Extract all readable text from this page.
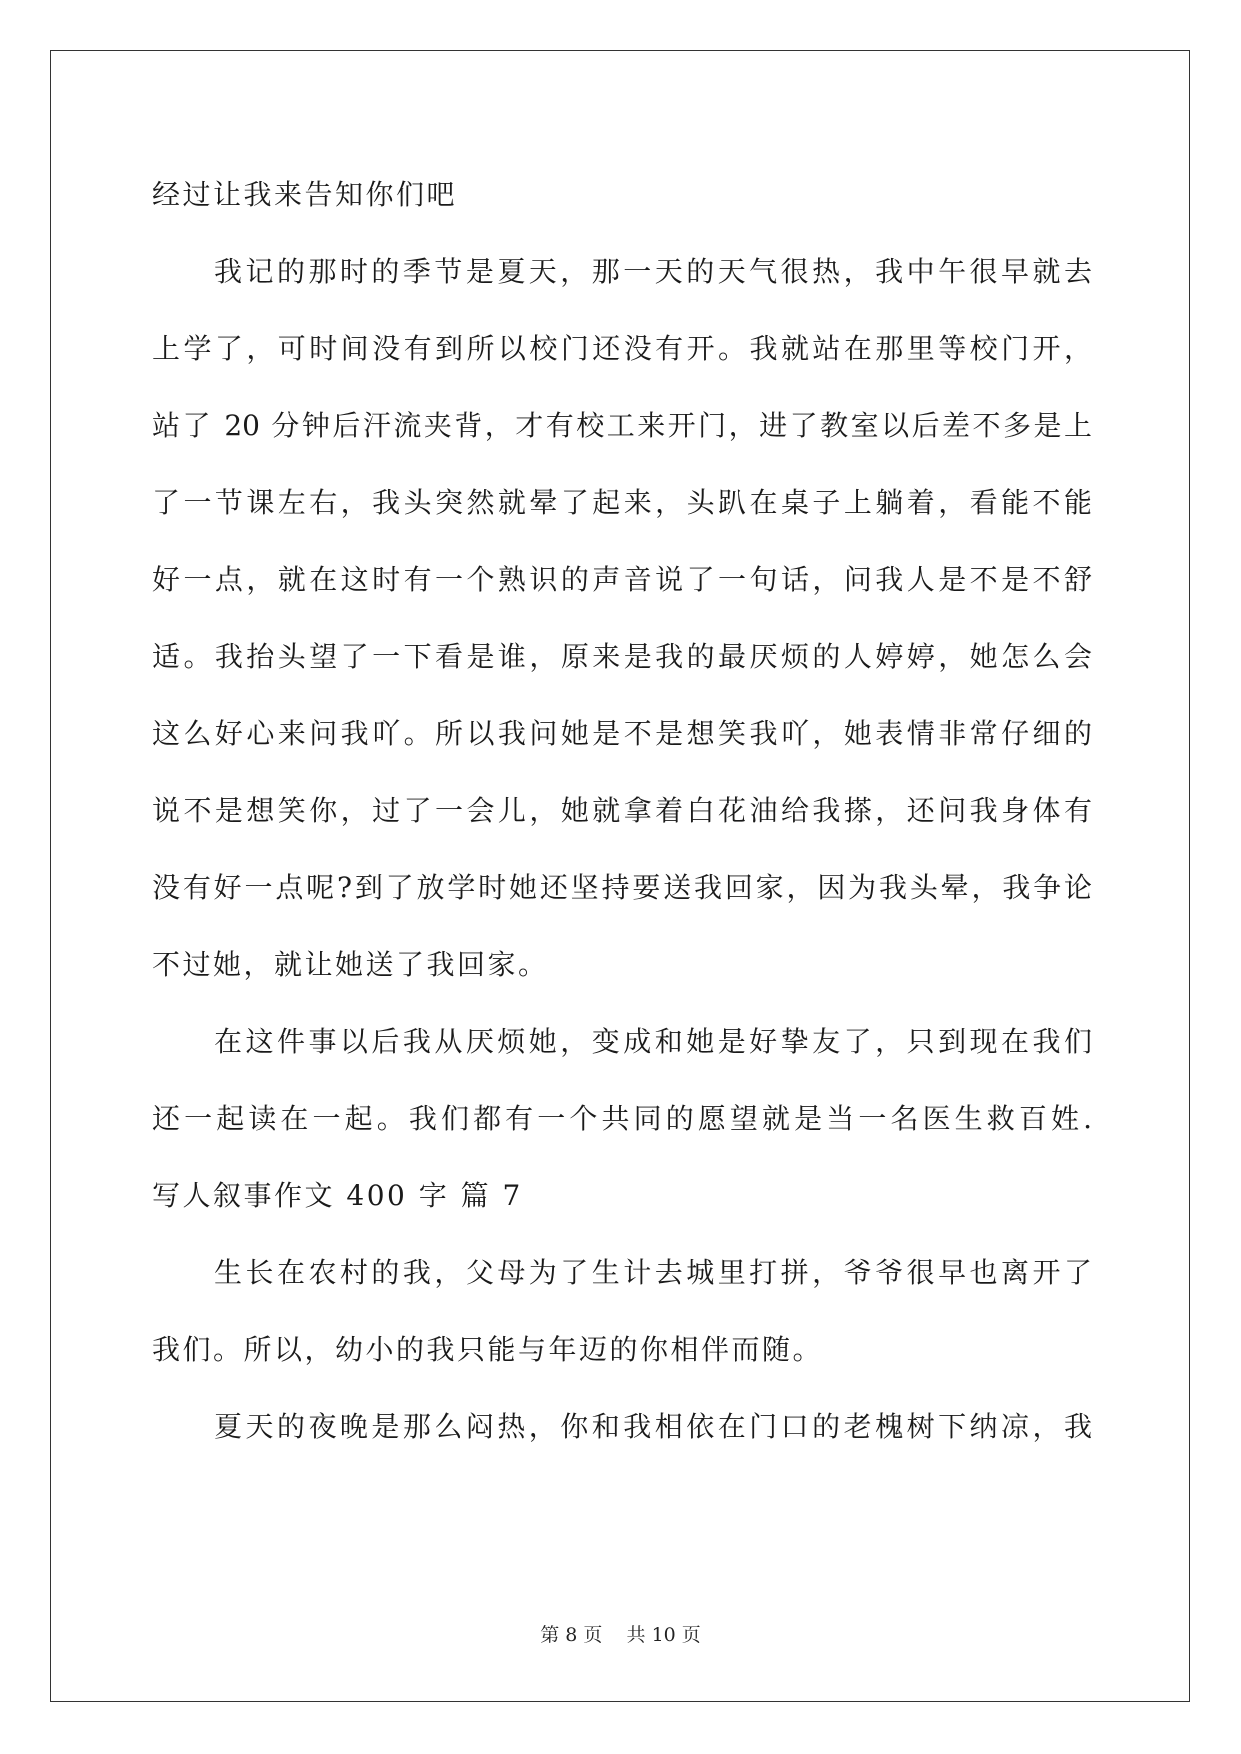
经过让我来告知你们吧
我记的那时的季节是夏天，那一天的天气很热，我中午很早就去
上学了，可时间没有到所以校门还没有开。我就站在那里等校门开，
站了 20 分钟后汗流夹背，才有校工来开门，进了教室以后差不多是上
了一节课左右，我头突然就晕了起来，头趴在桌子上躺着，看能不能
好一点，就在这时有一个熟识的声音说了一句话，问我人是不是不舒
适。我抬头望了一下看是谁，原来是我的最厌烦的人婷婷，她怎么会
这么好心来问我吖。所以我问她是不是想笑我吖，她表情非常仔细的
说不是想笑你，过了一会儿，她就拿着白花油给我搽，还问我身体有
没有好一点呢?到了放学时她还坚持要送我回家，因为我头晕，我争论
不过她，就让她送了我回家。
在这件事以后我从厌烦她，变成和她是好挚友了，只到现在我们
还一起读在一起。我们都有一个共同的愿望就是当一名医生救百姓.
写人叙事作文 400 字 篇 7
生长在农村的我，父母为了生计去城里打拼，爷爷很早也离开了
我们。所以，幼小的我只能与年迈的你相伴而随。
夏天的夜晚是那么闷热，你和我相依在门口的老槐树下纳凉，我
第 8 页    共 10 页
